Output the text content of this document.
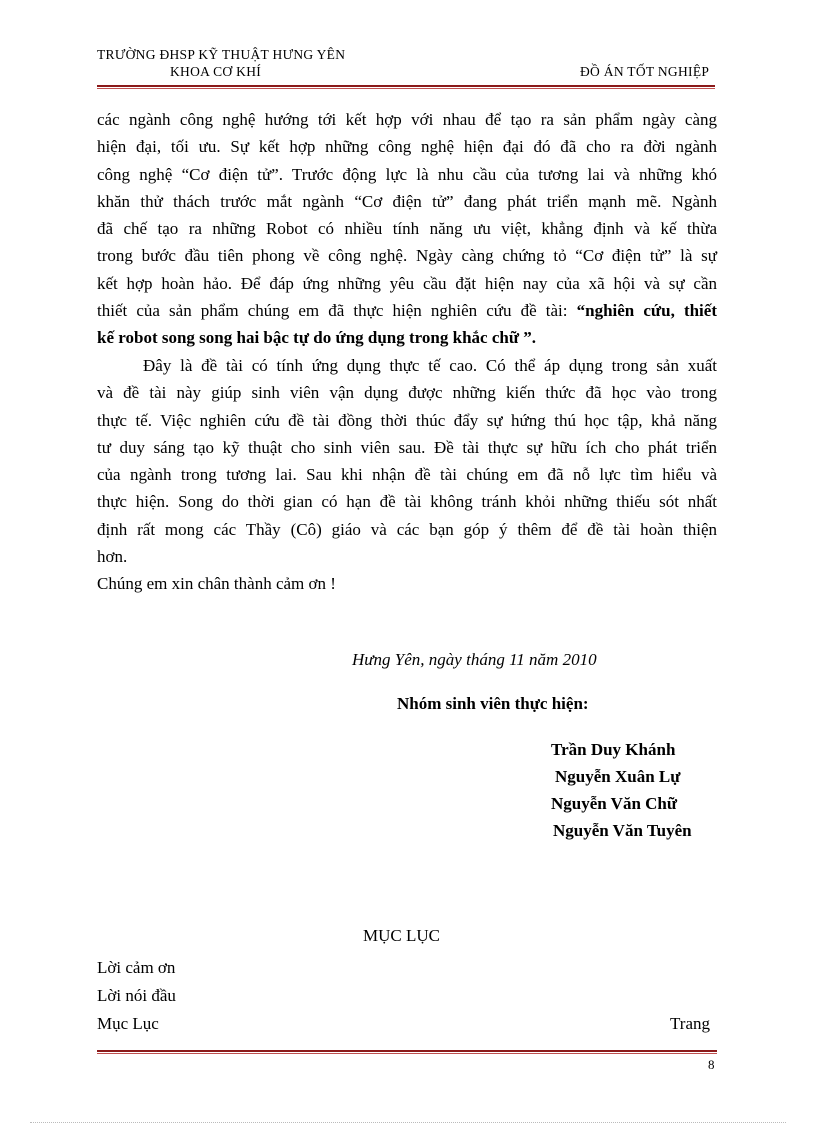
TRƯỜNG ĐHSP KỸ THUẬT HƯNG YÊN
KHOA CƠ KHÍ	ĐỒ ÁN TỐT NGHIỆP
các ngành công nghệ hướng tới kết hợp với nhau để tạo ra sản phẩm ngày càng
hiện đại, tối ưu. Sự kết hợp những công nghệ hiện đại đó đã cho ra đời ngành
công nghệ “Cơ điện tử”. Trước động lực là nhu cầu của tương lai và những khó
khăn thử thách trước mắt ngành “Cơ điện tử” đang phát triển mạnh mẽ. Ngành
đã chế tạo ra những Robot có nhiều tính năng ưu việt, khẳng định và kế thừa
trong bước đầu tiên phong về công nghệ. Ngày càng chứng tỏ “Cơ điện tử” là sự
kết hợp hoàn hảo. Để đáp ứng những yêu cầu đặt hiện nay của xã hội và sự cần
thiết của sản phẩm chúng em đã thực hiện nghiên cứu đề tài: “nghiên cứu, thiết
kế robot song song hai bậc tự do ứng dụng trong khắc chữ ”.
Đây là đề tài có tính ứng dụng thực tế cao. Có thể áp dụng trong sản xuất
và đề tài này giúp sinh viên vận dụng được những kiến thức đã học vào trong
thực tế. Việc nghiên cứu đề tài đồng thời thúc đẩy sự hứng thú học tập, khả năng
tư duy sáng tạo kỹ thuật cho sinh viên sau. Đề tài thực sự hữu ích cho phát triển
của ngành trong tương lai. Sau khi nhận đề tài chúng em đã nỗ lực tìm hiểu và
thực hiện. Song do thời gian có hạn đề tài không tránh khỏi những thiếu sót nhất
định rất mong các Thầy (Cô) giáo và các bạn góp ý thêm để đề tài hoàn thiện
hơn.
Chúng em xin chân thành cảm ơn !
Hưng Yên, ngày tháng 11 năm 2010
Nhóm sinh viên thực hiện:
Trần Duy Khánh
Nguyễn Xuân Lự
Nguyễn Văn Chữ
Nguyễn Văn Tuyên
MỤC LỤC
Lời cảm ơn
Lời nói đầu
Mục Lục	Trang
8
